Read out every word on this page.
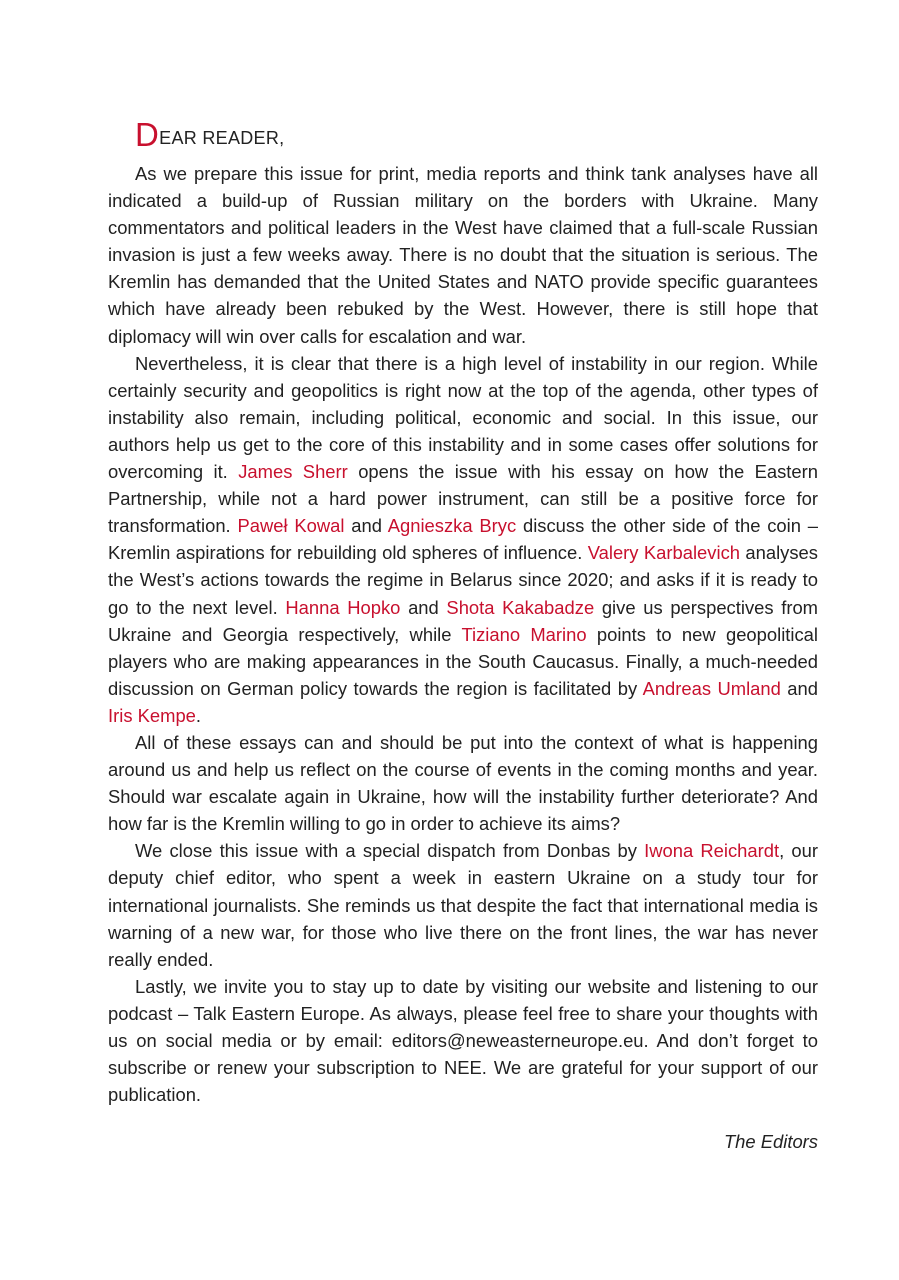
DEAR READER,

As we prepare this issue for print, media reports and think tank analyses have all indicated a build-up of Russian military on the borders with Ukraine. Many commentators and political leaders in the West have claimed that a full-scale Russian invasion is just a few weeks away. There is no doubt that the situation is serious. The Kremlin has demanded that the United States and NATO provide specific guarantees which have already been rebuked by the West. However, there is still hope that diplomacy will win over calls for escalation and war.

Nevertheless, it is clear that there is a high level of instability in our region. While certainly security and geopolitics is right now at the top of the agenda, other types of instability also remain, including political, economic and social. In this issue, our authors help us get to the core of this instability and in some cases offer solutions for overcoming it. James Sherr opens the issue with his essay on how the Eastern Partnership, while not a hard power instrument, can still be a positive force for transformation. Paweł Kowal and Agnieszka Bryc discuss the other side of the coin – Kremlin aspirations for rebuilding old spheres of influence. Valery Karbalevich analyses the West’s actions towards the regime in Belarus since 2020; and asks if it is ready to go to the next level. Hanna Hopko and Shota Kakabadze give us perspectives from Ukraine and Georgia respectively, while Tiziano Marino points to new geopolitical players who are making appearances in the South Caucasus. Finally, a much-needed discussion on German policy towards the region is facilitated by Andreas Umland and Iris Kempe.

All of these essays can and should be put into the context of what is happening around us and help us reflect on the course of events in the coming months and year. Should war escalate again in Ukraine, how will the instability further deteriorate? And how far is the Kremlin willing to go in order to achieve its aims?

We close this issue with a special dispatch from Donbas by Iwona Reichardt, our deputy chief editor, who spent a week in eastern Ukraine on a study tour for international journalists. She reminds us that despite the fact that international media is warning of a new war, for those who live there on the front lines, the war has never really ended.

Lastly, we invite you to stay up to date by visiting our website and listening to our podcast – Talk Eastern Europe. As always, please feel free to share your thoughts with us on social media or by email: editors@neweasterneurope.eu. And don’t forget to subscribe or renew your subscription to NEE. We are grateful for your support of our publication.

The Editors
